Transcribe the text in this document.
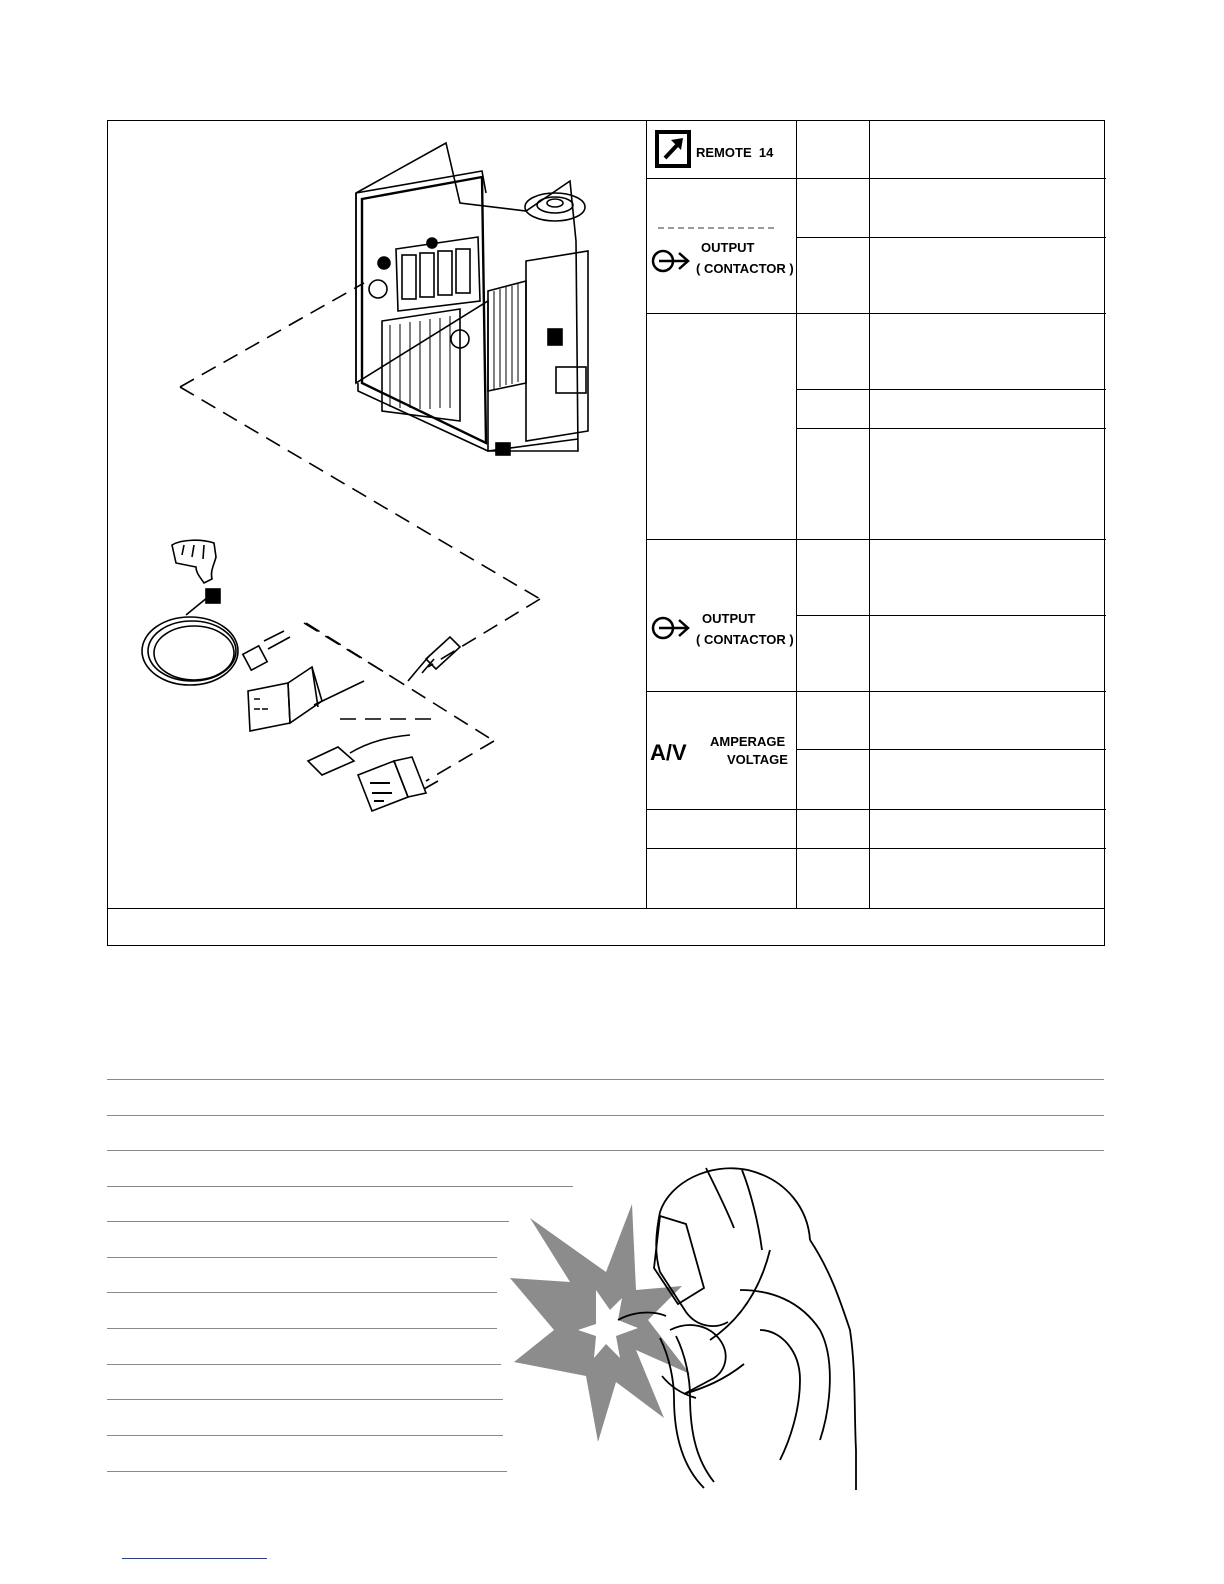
REMOTE  14
OUTPUT
( CONTACTOR )
OUTPUT
( CONTACTOR )
A/V AMPERAGE
VOLTAGE
